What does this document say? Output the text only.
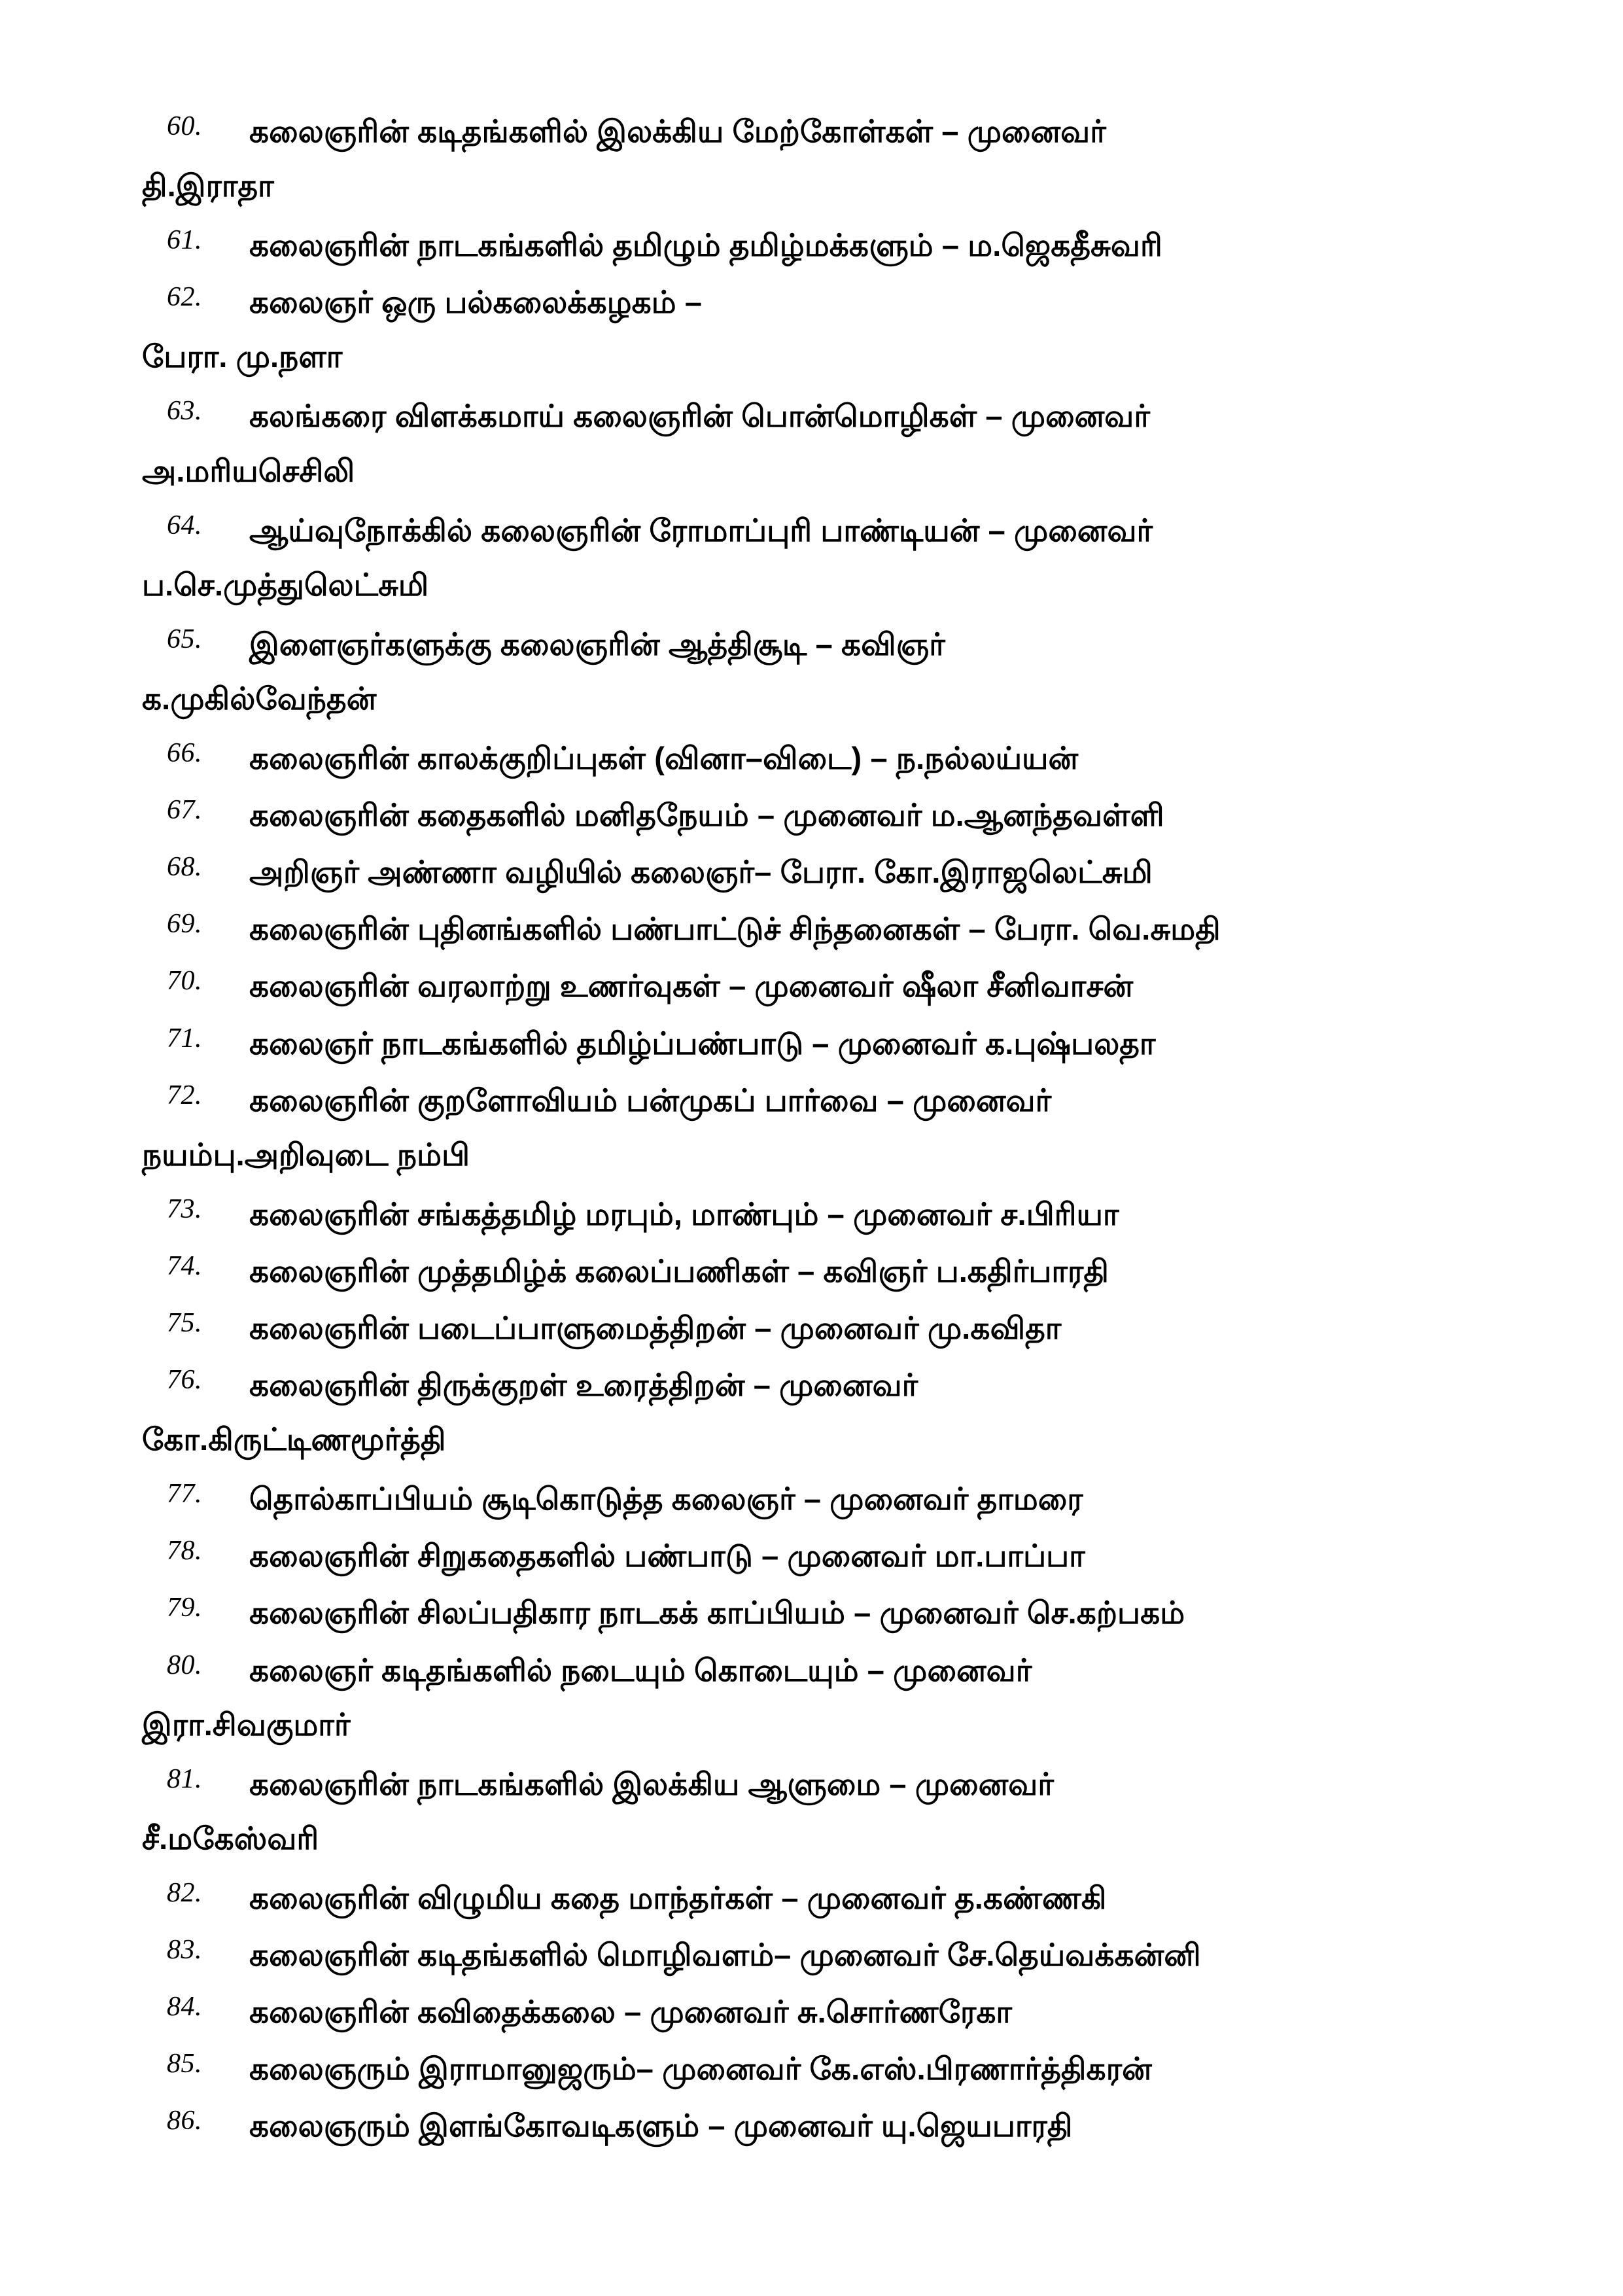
60.	கலைஞரின் கடிதங்களில் இலக்கிய மேற்கோள்கள் – முனைவர்
தி.இராதா
61.	கலைஞரின் நாடகங்களில் தமிழும் தமிழ்மக்களும் – ம.ஜெகதீசுவரி
62.	கலைஞர் ஒரு பல்கலைக்கழகம் –
பேரா. மு.நளா
63.	கலங்கரை விளக்கமாய் கலைஞரின் பொன்மொழிகள் – முனைவர்
அ.மரியசெசிலி
64.	ஆய்வுநோக்கில் கலைஞரின் ரோமாப்புரி பாண்டியன் – முனைவர்
ப.செ.முத்துலெட்சுமி
65.	இளைஞர்களுக்கு கலைஞரின் ஆத்திசூடி – கவிஞர்
க.முகில்வேந்தன்
66.	கலைஞரின் காலக்குறிப்புகள் (வினா–விடை) – ந.நல்லய்யன்
67.	கலைஞரின் கதைகளில் மனிதநேயம் – முனைவர் ம.ஆனந்தவள்ளி
68.	அறிஞர் அண்ணா வழியில் கலைஞர்– பேரா. கோ.இராஜலெட்சுமி
69.	கலைஞரின் புதினங்களில் பண்பாட்டுச் சிந்தனைகள் – பேரா. வெ.சுமதி
70.	கலைஞரின் வரலாற்று உணர்வுகள் – முனைவர் ஷீலா சீனிவாசன்
71.	கலைஞர் நாடகங்களில் தமிழ்ப்பண்பாடு – முனைவர் க.புஷ்பலதா
72.	கலைஞரின் குறளோவியம் பன்முகப் பார்வை – முனைவர்
நயம்பு.அறிவுடை நம்பி
73.	கலைஞரின் சங்கத்தமிழ் மரபும், மாண்பும் – முனைவர் ச.பிரியா
74.	கலைஞரின் முத்தமிழ்க் கலைப்பணிகள் – கவிஞர் ப.கதிர்பாரதி
75.	கலைஞரின் படைப்பாளுமைத்திறன் – முனைவர் மு.கவிதா
76.	கலைஞரின் திருக்குறள் உரைத்திறன் – முனைவர்
கோ.கிருட்டிணமூர்த்தி
77.	தொல்காப்பியம் சூடிகொடுத்த கலைஞர் – முனைவர் தாமரை
78.	கலைஞரின் சிறுகதைகளில் பண்பாடு – முனைவர் மா.பாப்பா
79.	கலைஞரின் சிலப்பதிகார நாடகக் காப்பியம் – முனைவர் செ.கற்பகம்
80.	கலைஞர் கடிதங்களில் நடையும் கொடையும் – முனைவர்
இரா.சிவகுமார்
81.	கலைஞரின் நாடகங்களில் இலக்கிய ஆளுமை – முனைவர்
சீ.மகேஸ்வரி
82.	கலைஞரின் விழுமிய கதை மாந்தர்கள் – முனைவர் த.கண்ணகி
83.	கலைஞரின் கடிதங்களில் மொழிவளம்– முனைவர் சே.தெய்வக்கன்னி
84.	கலைஞரின் கவிதைக்கலை – முனைவர் சு.சொர்ணரேகா
85.	கலைஞரும் இராமானுஜரும்– முனைவர் கே.எஸ்.பிரணார்த்திகரன்
86.	கலைஞரும் இளங்கோவடிகளும் – முனைவர் யு.ஜெயபாரதி
